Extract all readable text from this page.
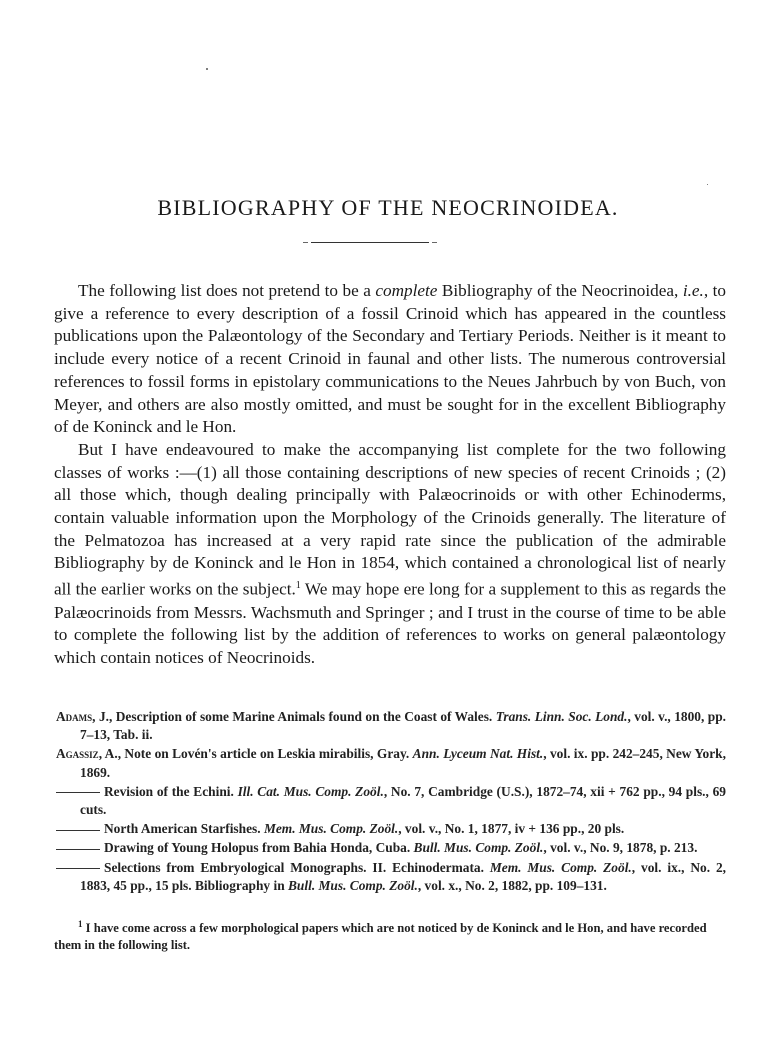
BIBLIOGRAPHY OF THE NEOCRINOIDEA.

The following list does not pretend to be a complete Bibliography of the Neocrinoidea, i.e., to give a reference to every description of a fossil Crinoid which has appeared in the countless publications upon the Palæontology of the Secondary and Tertiary Periods. Neither is it meant to include every notice of a recent Crinoid in faunal and other lists. The numerous controversial references to fossil forms in epistolary communications to the Neues Jahrbuch by von Buch, von Meyer, and others are also mostly omitted, and must be sought for in the excellent Bibliography of de Koninck and le Hon.

But I have endeavoured to make the accompanying list complete for the two following classes of works :—(1) all those containing descriptions of new species of recent Crinoids ; (2) all those which, though dealing principally with Palæocrinoids or with other Echinoderms, contain valuable information upon the Morphology of the Crinoids generally. The literature of the Pelmatozoa has increased at a very rapid rate since the publication of the admirable Bibliography by de Koninck and le Hon in 1854, which contained a chronological list of nearly all the earlier works on the subject.$^1$ We may hope ere long for a supplement to this as regards the Palæocrinoids from Messrs. Wachsmuth and Springer ; and I trust in the course of time to be able to complete the following list by the addition of references to works on general palæontology which contain notices of Neocrinoids.

Adams, J., Description of some Marine Animals found on the Coast of Wales. Trans. Linn. Soc. Lond., vol. v., 1800, pp. 7–13, Tab. ii.
Agassiz, A., Note on Lovén's article on Leskia mirabilis, Gray. Ann. Lyceum Nat. Hist., vol. ix. pp. 242–245, New York, 1869.
Revision of the Echini. Ill. Cat. Mus. Comp. Zoöl., No. 7, Cambridge (U.S.), 1872–74, xii + 762 pp., 94 pls., 69 cuts.
North American Starfishes. Mem. Mus. Comp. Zoöl., vol. v., No. 1, 1877, iv + 136 pp., 20 pls.
Drawing of Young Holopus from Bahia Honda, Cuba. Bull. Mus. Comp. Zoöl., vol. v., No. 9, 1878, p. 213.
Selections from Embryological Monographs. II. Echinodermata. Mem. Mus. Comp. Zoöl., vol. ix., No. 2, 1883, 45 pp., 15 pls. Bibliography in Bull. Mus. Comp. Zoöl., vol. x., No. 2, 1882, pp. 109–131.
$^1$ I have come across a few morphological papers which are not noticed by de Koninck and le Hon, and have recorded them in the following list.
